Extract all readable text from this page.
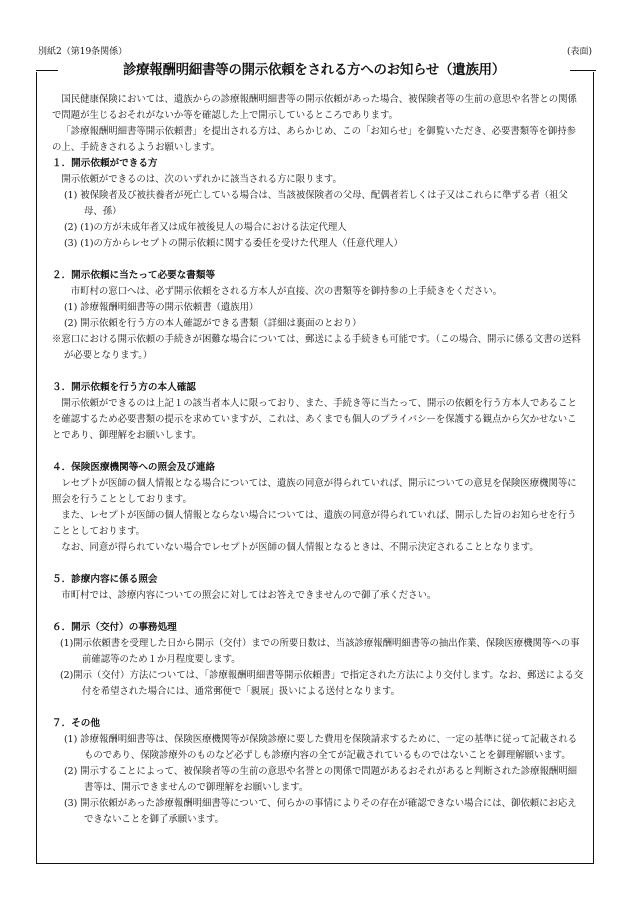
別紙2（第19条関係）	(表面)
診療報酬明細書等の開示依頼をされる方へのお知らせ（遺族用）

国民健康保険においては、遺族からの診療報酬明細書等の開示依頼があった場合、被保険者等の生前の意思や名誉との関係で問題が生じるおそれがないか等を確認した上で開示しているところであります。

「診療報酬明細書等開示依頼書」を提出される方は、あらかじめ、この「お知らせ」を御覧いただき、必要書類等を御持参の上、手続きされるようお願いします。

１．開示依頼ができる方

開示依頼ができるのは、次のいずれかに該当される方に限ります。

(1) 被保険者及び被扶養者が死亡している場合は、当該被保険者の父母、配偶者若しくは子又はこれらに準ずる者（祖父母、孫）

(2) (1)の方が未成年者又は成年被後見人の場合における法定代理人

(3) (1)の方からレセプトの開示依頼に関する委任を受けた代理人（任意代理人）

２．開示依頼に当たって必要な書類等

市町村の窓口へは、必ず開示依頼をされる方本人が直接、次の書類等を御持参の上手続きをください。

(1) 診療報酬明細書等の開示依頼書（遺族用）

(2) 開示依頼を行う方の本人確認ができる書類（詳細は裏面のとおり）

※窓口における開示依頼の手続きが困難な場合については、郵送による手続きも可能です。（この場合、開示に係る文書の送料が必要となります。）

３．開示依頼を行う方の本人確認

開示依頼ができるのは上記１の該当者本人に限っており、また、手続き等に当たって、開示の依頼を行う方本人であることを確認するため必要書類の提示を求めていますが、これは、あくまでも個人のプライバシーを保護する観点から欠かせないことであり、御理解をお願いします。

４．保険医療機関等への照会及び連絡

レセプトが医師の個人情報となる場合については、遺族の同意が得られていれば、開示についての意見を保険医療機関等に照会を行うこととしております。

また、レセプトが医師の個人情報とならない場合については、遺族の同意が得られていれば、開示した旨のお知らせを行うこととしております。

なお、同意が得られていない場合でレセプトが医師の個人情報となるときは、不開示決定されることとなります。

５．診療内容に係る照会

市町村では、診療内容についての照会に対してはお答えできませんので御了承ください。

６．開示（交付）の事務処理

(1)開示依頼書を受理した日から開示（交付）までの所要日数は、当該診療報酬明細書等の抽出作業、保険医療機関等への事前確認等のため１か月程度要します。

(2)開示（交付）方法については、「診療報酬明細書等開示依頼書」で指定された方法により交付します。なお、郵送による交付を希望された場合には、通常郵便で「親展」扱いによる送付となります。

７．その他

(1) 診療報酬明細書等は、保険医療機関等が保険診療に要した費用を保険請求するために、一定の基準に従って記載されるものであり、保険診療外のものなど必ずしも診療内容の全てが記載されているものではないことを御理解願います。

(2) 開示することによって、被保険者等の生前の意思や名誉との関係で問題があるおそれがあると判断された診療報酬明細書等は、開示できませんので御理解をお願いします。

(3) 開示依頼があった診療報酬明細書等について、何らかの事情によりその存在が確認できない場合には、御依頼にお応えできないことを御了承願います。
